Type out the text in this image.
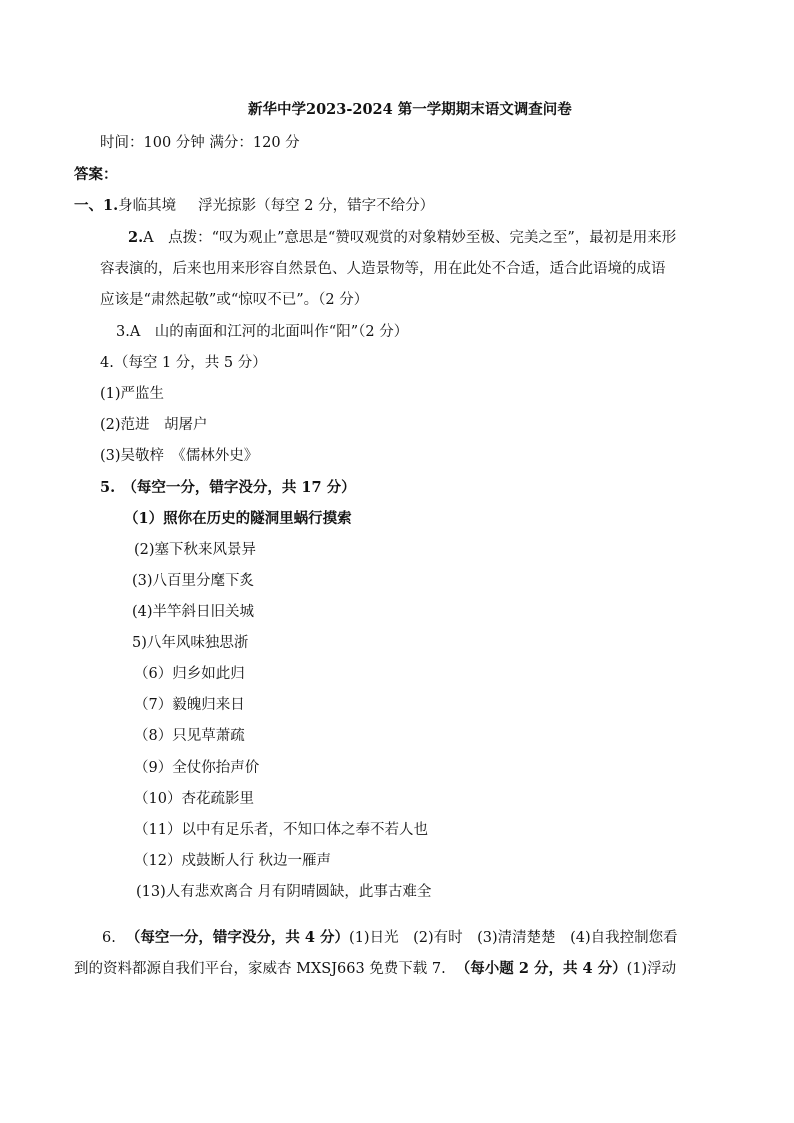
新华中学2023-2024 第一学期期末语文调查问卷
时间：100 分钟 满分：120 分
答案：
一、1.身临其境 浮光掠影（每空 2 分，错字不给分）
2.A　点拨：“叹为观止”意思是“赞叹观赏的对象精妙至极、完美之至”，最初是用来形
容表演的，后来也用来形容自然景色、人造景物等，用在此处不合适，适合此语境的成语
应该是“肃然起敬”或“惊叹不已”。（2 分）
3.A　山的南面和江河的北面叫作“阳”（2 分）
4.（每空 1 分，共 5 分）
(1)严监生
(2)范进　胡屠户
(3)吴敬梓　《儒林外史》
5.　（每空一分，错字没分，共 17 分）
（1）照你在历史的隧洞里蜗行摸索
(2)塞下秋来风景异
(3)八百里分麾下炙
(4)半竿斜日旧关城
5)八年风味独思浙
（6）归乡如此归
（7）毅魄归来日
（8）只见草萧疏
（9）全仗你抬声价
（10）杏花疏影里
（11）以中有足乐者，不知口体之奉不若人也
（12）戍鼓断人行 秋边一雁声
(13)人有悲欢离合 月有阴晴圆缺，此事古难全
6. （每空一分，错字没分，共 4 分）(1)日光　(2)有时　(3)清清楚楚　(4)自我控制您看
到的资料都源自我们平台，家威杏 MXSJ663 免费下载 7. （每小题 2 分，共 4 分）(1)浮动
